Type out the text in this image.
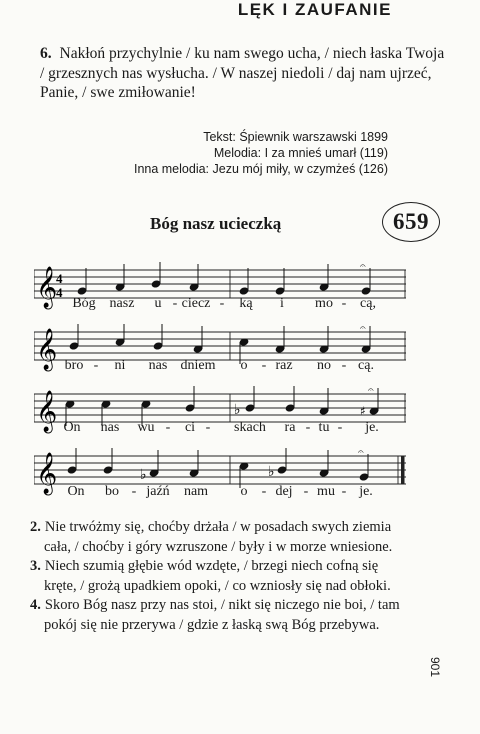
LĘK I ZAUFANIE
6. Nakłoń przychylnie / ku nam swego ucha, / niech łaska Twoja / grzesznych nas wysłucha. / W naszej niedoli / daj nam ujrzeć, Panie, / swe zmiłowanie!
Tekst: Śpiewnik warszawski 1899
Melodia: I za mnieś umarł (119)
Inna melodia: Jezu mój miły, w czymżeś (126)
Bóg nasz ucieczką	659
𝄞
4
4
𝄐
Bóg nasz u - ciecz - ką i mo - cą,
𝄞
𝄐
bro - ni nas dniem o - raz no - cą.
𝄞	♭	♯
𝄐
On nas wu - ci - skach ra - tu - je.
𝄞	♭	♭
𝄐
On bo - jaźń nam o - dej - mu - je.
2. Nie trwóżmy się, choćby drżała / w posadach swych ziemia
cała, / choćby i góry wzruszone / były i w morze wniesione.
3. Niech szumią głębie wód wzdęte, / brzegi niech cofną się
kręte, / grożą upadkiem opoki, / co wzniosły się nad obłoki.
4. Skoro Bóg nasz przy nas stoi, / nikt się niczego nie boi, / tam
pokój się nie przerywa / gdzie z łaską swą Bóg przebywa.
901
